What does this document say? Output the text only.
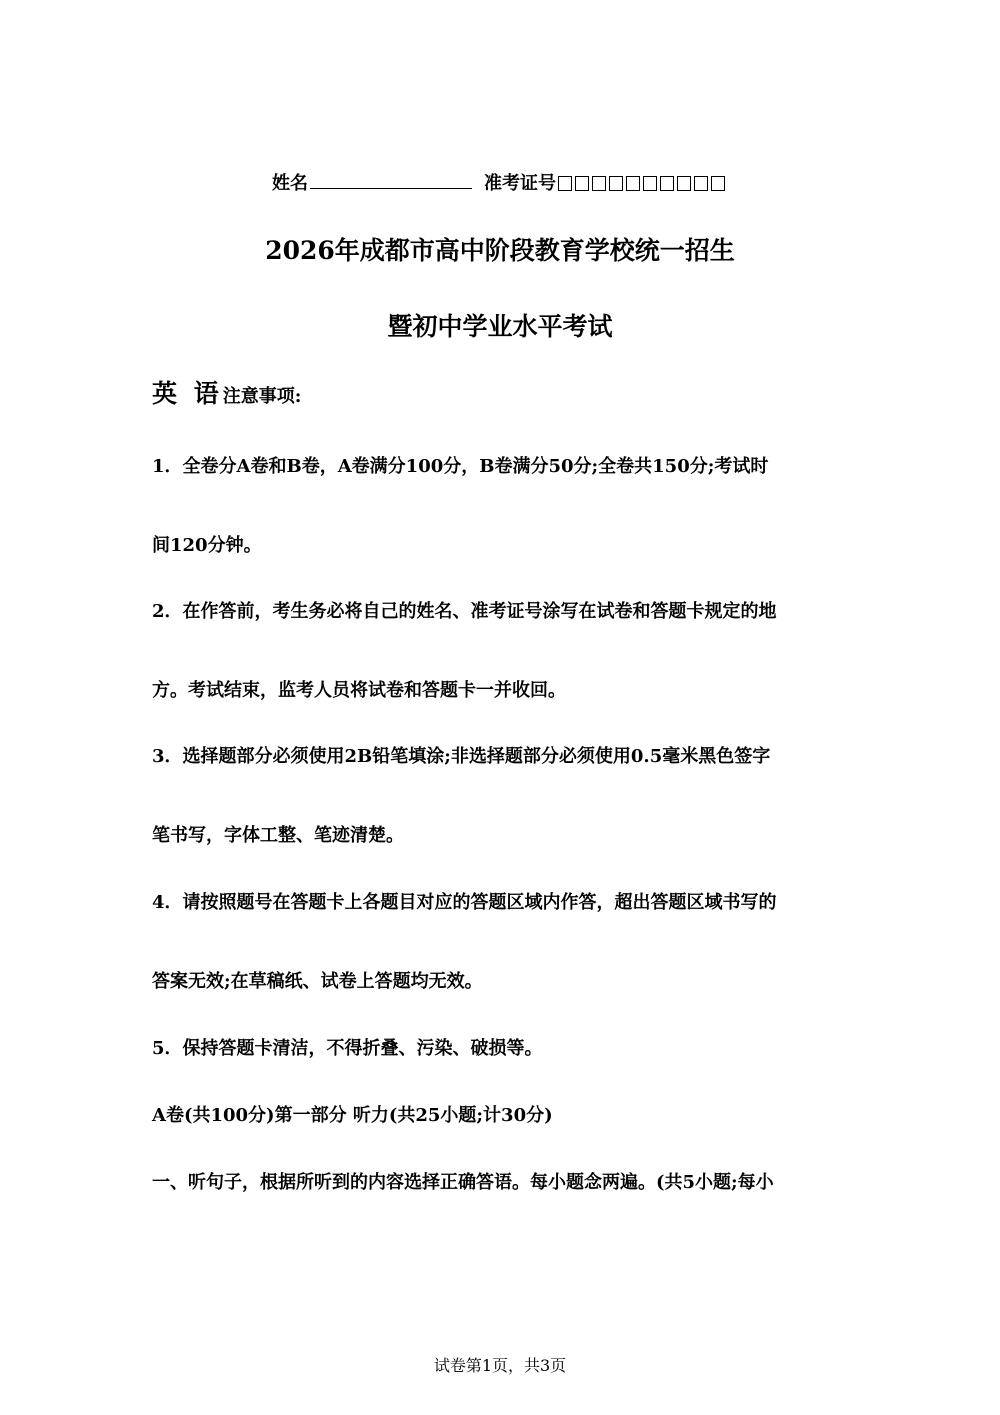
姓名	准考证号
2026年成都市高中阶段教育学校统一招生
暨初中学业水平考试
英 语注意事项:
1．全卷分A卷和B卷，A卷满分100分，B卷满分50分;全卷共150分;考试时
间120分钟。
2．在作答前，考生务必将自己的姓名、准考证号涂写在试卷和答题卡规定的地
方。考试结束，监考人员将试卷和答题卡一并收回。
3．选择题部分必须使用2B铅笔填涂;非选择题部分必须使用0.5毫米黑色签字
笔书写，字体工整、笔迹清楚。
4．请按照题号在答题卡上各题目对应的答题区域内作答，超出答题区域书写的
答案无效;在草稿纸、试卷上答题均无效。
5．保持答题卡清洁，不得折叠、污染、破损等。
A卷(共100分)第一部分 听力(共25小题;计30分)
一、听句子，根据所听到的内容选择正确答语。每小题念两遍。(共5小题;每小
试卷第1页，共3页
